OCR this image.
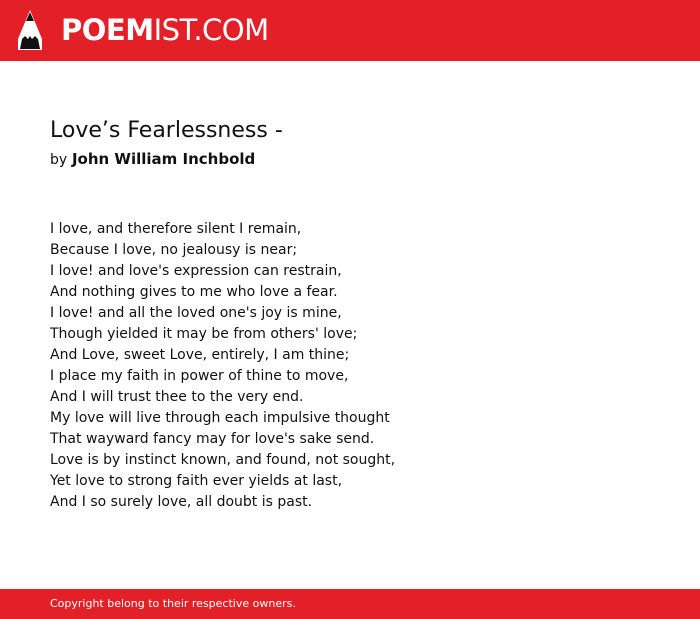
POEMIST.COM
Love’s Fearlessness -
by John William Inchbold
I love, and therefore silent I remain,
Because I love, no jealousy is near;
I love! and love's expression can restrain,
And nothing gives to me who love a fear.
I love! and all the loved one's joy is mine,
Though yielded it may be from others' love;
And Love, sweet Love, entirely, I am thine;
I place my faith in power of thine to move,
And I will trust thee to the very end.
My love will live through each impulsive thought
That wayward fancy may for love's sake send.
Love is by instinct known, and found, not sought,
Yet love to strong faith ever yields at last,
And I so surely love, all doubt is past.
Copyright belong to their respective owners.
